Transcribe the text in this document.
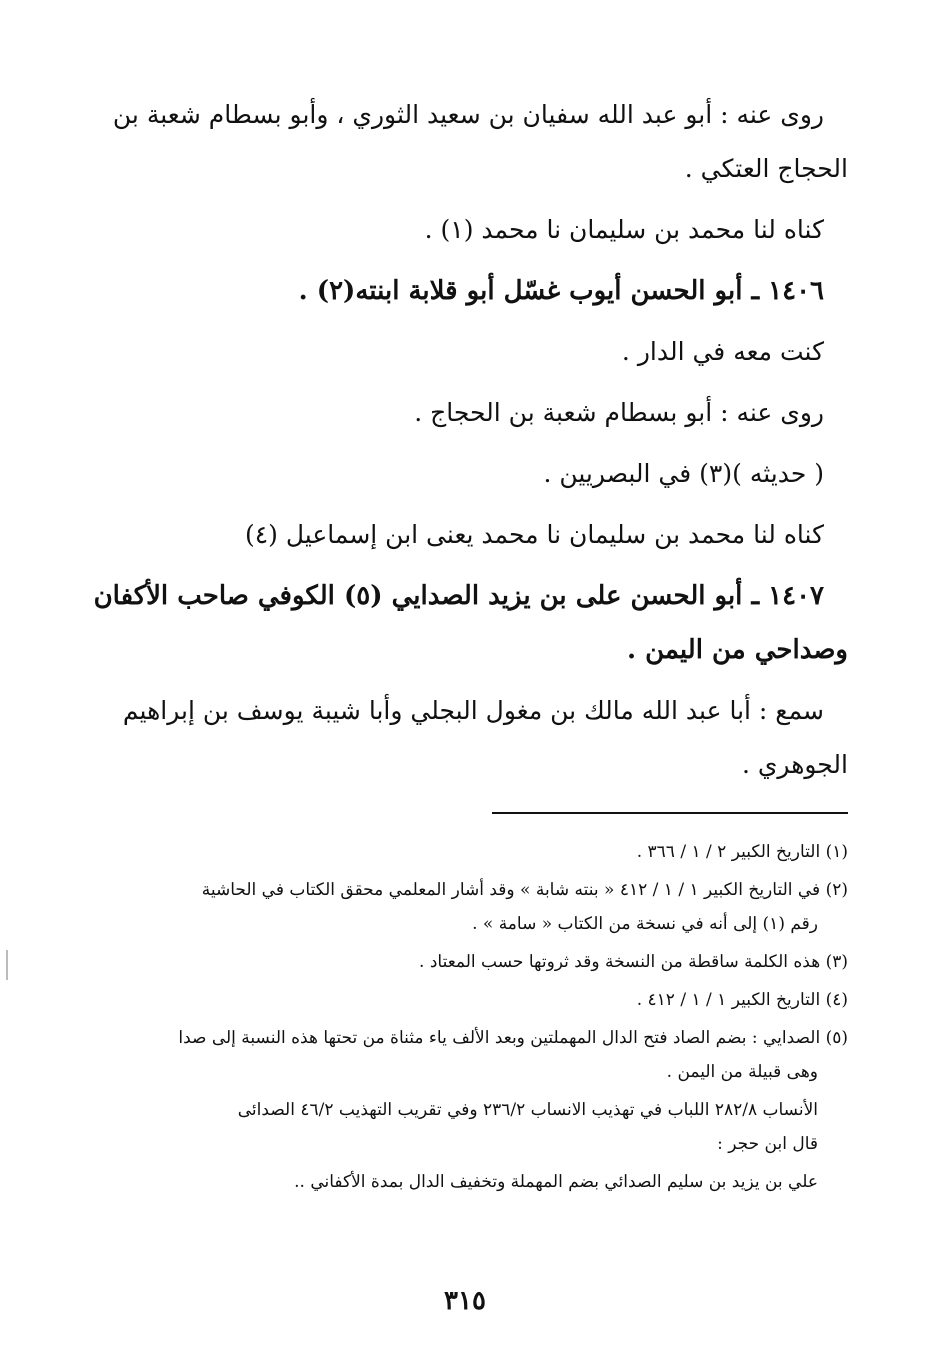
روى عنه : أبو عبد الله سفيان بن سعيد الثوري ، وأبو بسطام شعبة بن
الحجاج العتكي .
كناه لنا محمد بن سليمان نا محمد (١) .
١٤٠٦ ـ أبو الحسن أيوب غسّل أبو قلابة ابنته(٢) .
كنت معه في الدار .
روى عنه : أبو بسطام شعبة بن الحجاج .
( حديثه )(٣) في البصريين .
كناه لنا محمد بن سليمان نا محمد يعنى ابن إسماعيل (٤)
١٤٠٧ ـ أبو الحسن على بن يزيد الصدايي (٥) الكوفي صاحب الأكفان
وصداحي من اليمن .
سمع : أبا عبد الله مالك بن مغول البجلي وأبا شيبة يوسف بن إبراهيم
الجوهري .
(١) التاريخ الكبير ٢ / ١ / ٣٦٦ .
(٢) في التاريخ الكبير ١ / ١ / ٤١٢ « بنته شابة » وقد أشار المعلمي محقق الكتاب في الحاشية
رقم (١) إلى أنه في نسخة من الكتاب « سامة » .
(٣) هذه الكلمة ساقطة من النسخة وقد ثروتها حسب المعتاد .
(٤) التاريخ الكبير ١ / ١ / ٤١٢ .
(٥) الصدايي : بضم الصاد فتح الدال المهملتين وبعد الألف ياء مثناة من تحتها هذه النسبة إلى صدا
وهى قبيلة من اليمن .
الأنساب ٢٨٢/٨ اللباب في تهذيب الانساب ٢٣٦/٢ وفي تقريب التهذيب ٤٦/٢ الصدائى
قال ابن حجر :
علي بن يزيد بن سليم الصدائي بضم المهملة وتخفيف الدال بمدة الأكفاني ..
٣١٥
